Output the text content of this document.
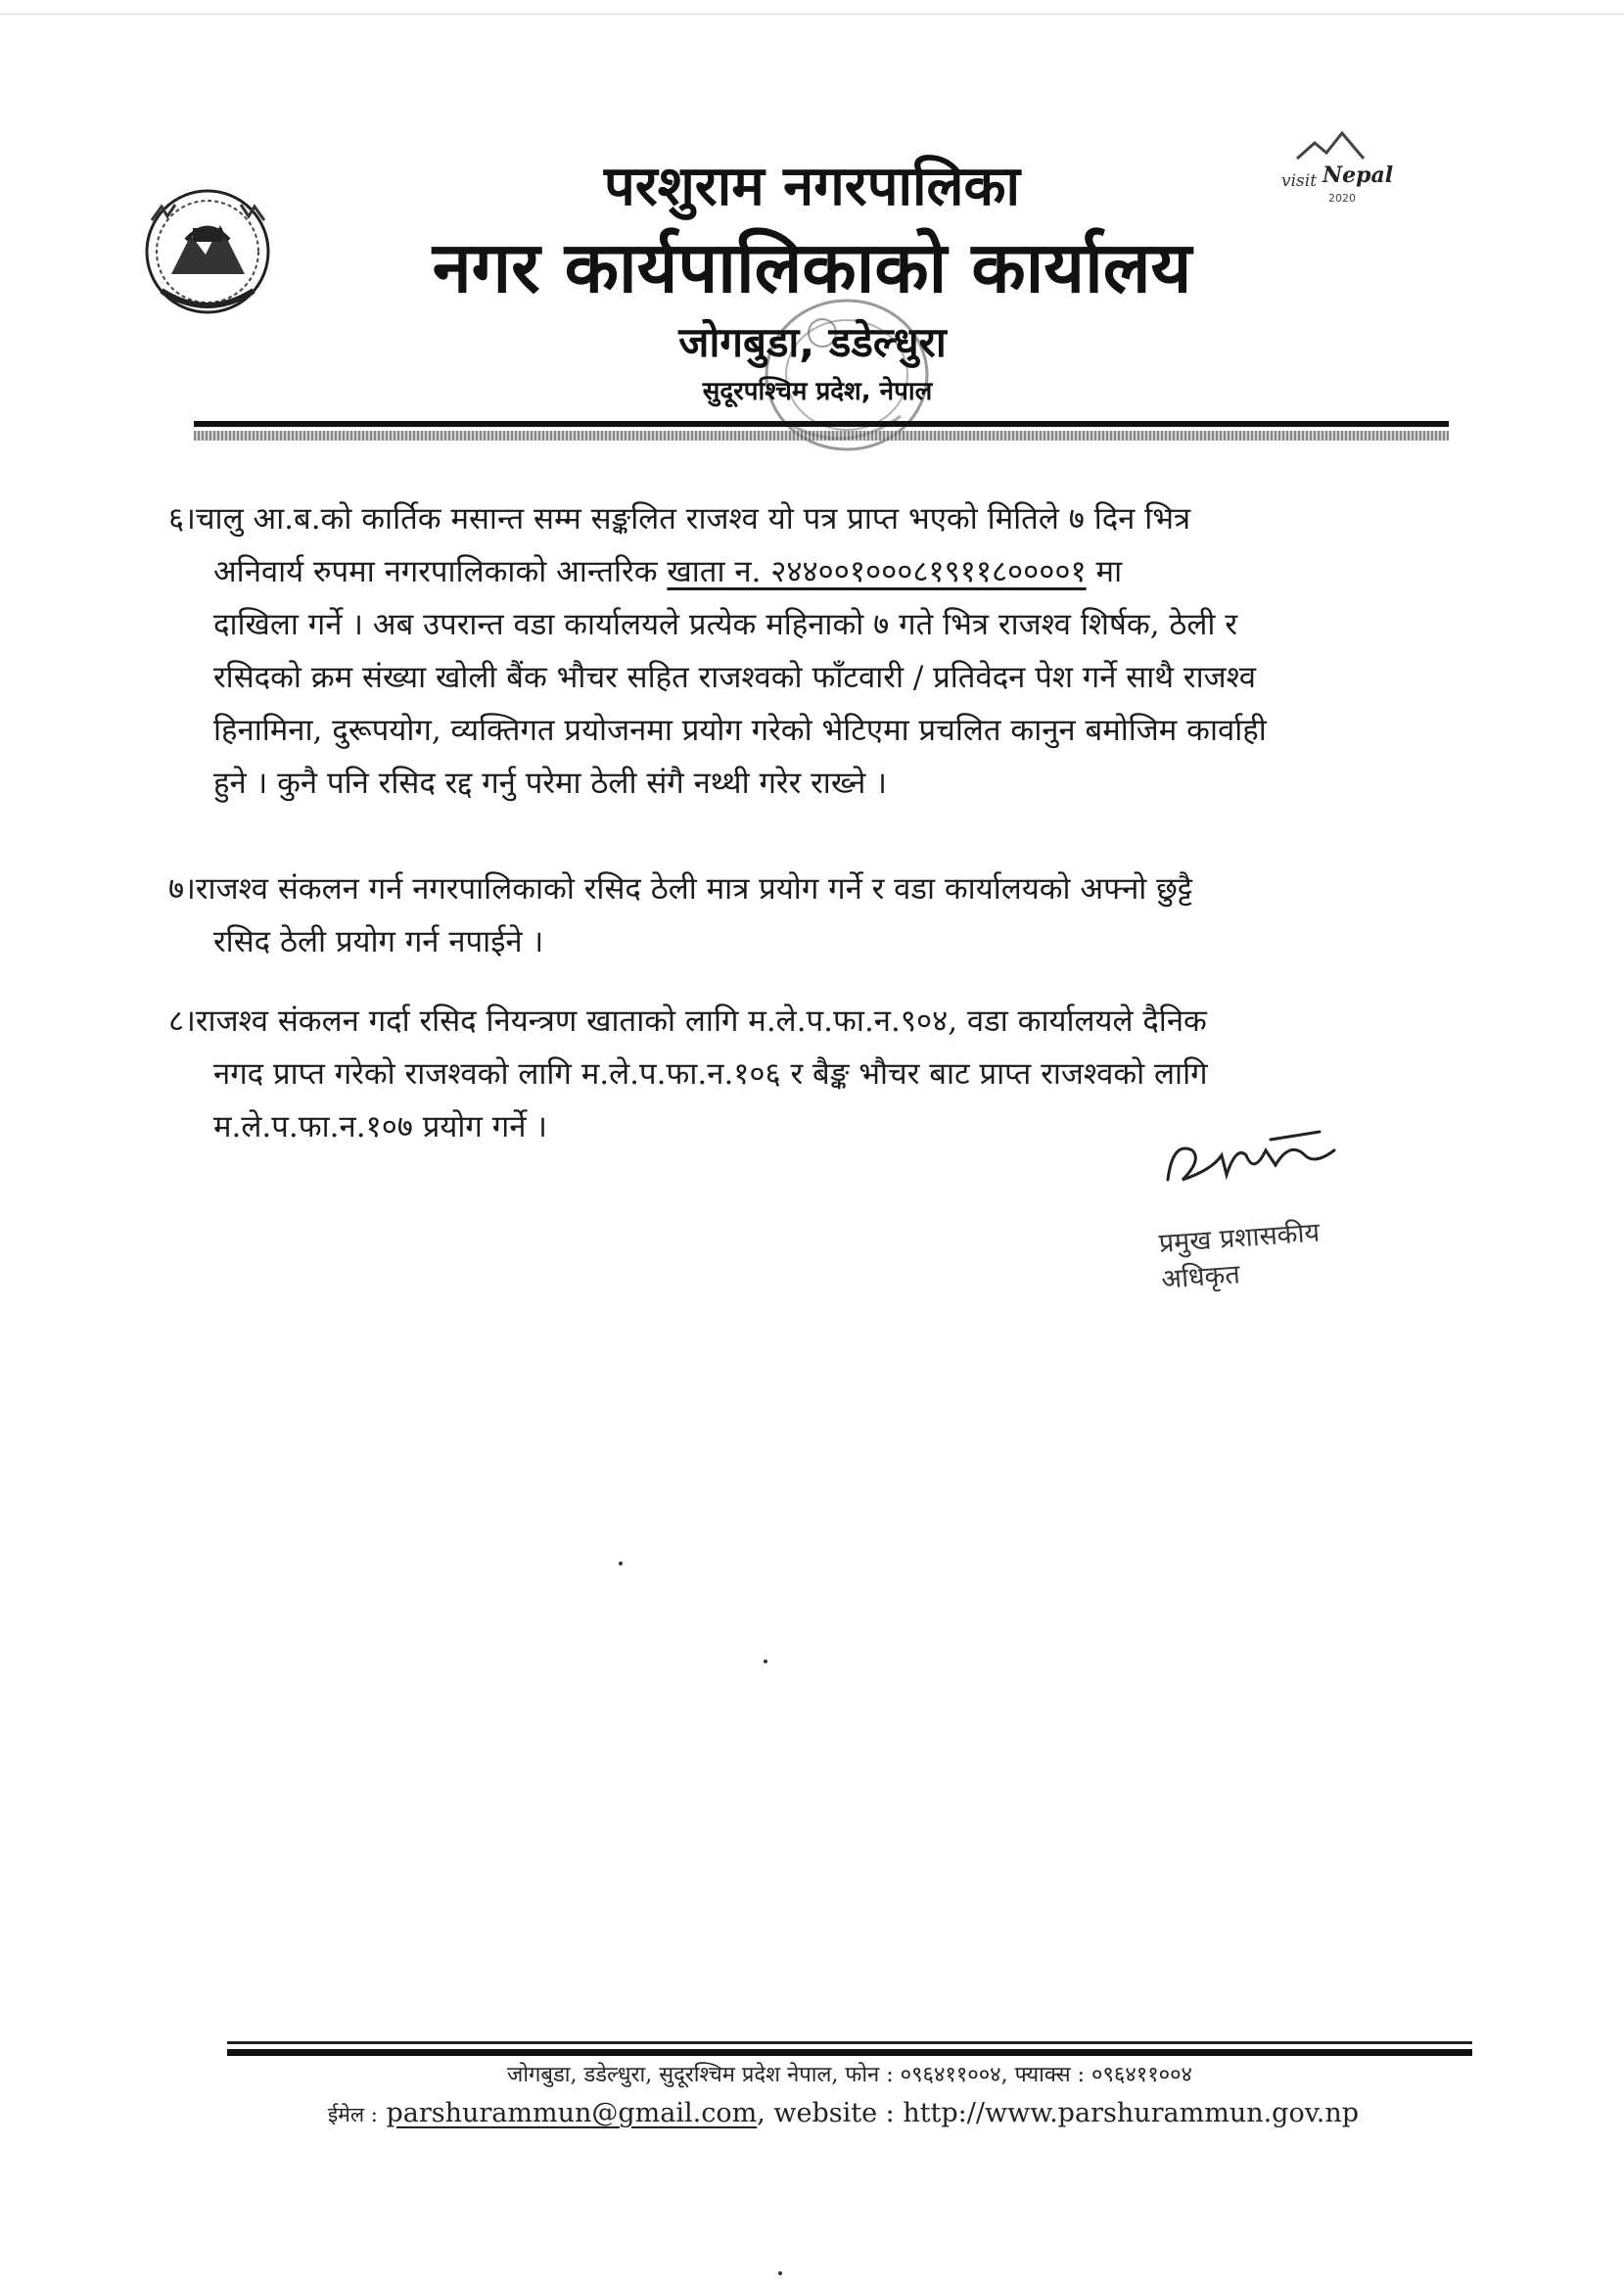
visit Nepal
2020
परशुराम नगरपालिका
नगर कार्यपालिकाको कार्यालय
जोगबुडा, डडेल्धुरा
सुदूरपश्चिम प्रदेश, नेपाल
६।चालु आ.ब.को कार्तिक मसान्त सम्म सङ्कलित राजश्व यो पत्र प्राप्त भएको मितिले ७ दिन भित्र
अनिवार्य रुपमा नगरपालिकाको आन्तरिक खाता न. २४४००१०००८१९११८००००१ मा
दाखिला गर्ने । अब उपरान्त वडा कार्यालयले प्रत्येक महिनाको ७ गते भित्र राजश्व शिर्षक, ठेली र
रसिदको क्रम संख्या खोली बैंक भौचर सहित राजश्वको फाँटवारी / प्रतिवेदन पेश गर्ने साथै राजश्व
हिनामिना, दुरूपयोग, व्यक्तिगत प्रयोजनमा प्रयोग गरेको भेटिएमा प्रचलित कानुन बमोजिम कार्वाही
हुने । कुनै पनि रसिद रद्द गर्नु परेमा ठेली संगै नथ्थी गरेर राख्ने ।
७।राजश्व संकलन गर्न नगरपालिकाको रसिद ठेली मात्र प्रयोग गर्ने र वडा कार्यालयको अफ्नो छुट्टै
रसिद ठेली प्रयोग गर्न नपाईने ।
८।राजश्व संकलन गर्दा रसिद नियन्त्रण खाताको लागि म.ले.प.फा.न.९०४, वडा कार्यालयले दैनिक
नगद प्राप्त गरेको राजश्वको लागि म.ले.प.फा.न.१०६ र बैङ्क भौचर बाट प्राप्त राजश्वको लागि
म.ले.प.फा.न.१०७ प्रयोग गर्ने ।
प्रमुख प्रशासकीय अधिकृत
जोगबुडा, डडेल्धुरा, सुदूरश्चिम प्रदेश नेपाल, फोन : ०९६४११००४, फ्याक्स : ०९६४११००४
ईमेल : parshurammun@gmail.com, website : http://www.parshurammun.gov.np
